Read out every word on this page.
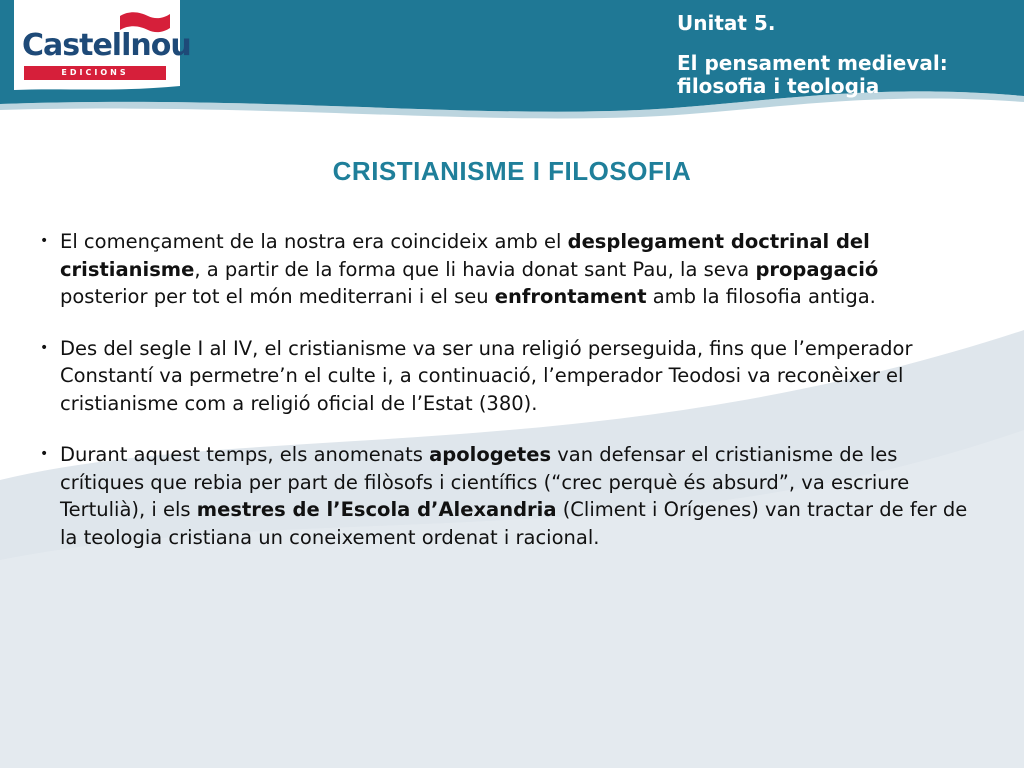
Castellnou
EDICIONS
Unitat 5.
El pensament medieval: filosofia i teologia
CRISTIANISME I FILOSOFIA
• El començament de la nostra era coincideix amb el desplegament doctrinal del cristianisme, a partir de la forma que li havia donat sant Pau, la seva propagació posterior per tot el món mediterrani i el seu enfrontament amb la filosofia antiga.
• Des del segle I al IV, el cristianisme va ser una religió perseguida, fins que l’emperador Constantí va permetre’n el culte i, a continuació, l’emperador Teodosi va reconèixer el cristianisme com a religió oficial de l’Estat (380).
• Durant aquest temps, els anomenats apologetes van defensar el cristianisme de les crítiques que rebia per part de filòsofs i científics (“crec perquè és absurd”, va escriure Tertulià), i els mestres de l’Escola d’Alexandria (Climent i Orígenes) van tractar de fer de la teologia cristiana un coneixement ordenat i racional.
